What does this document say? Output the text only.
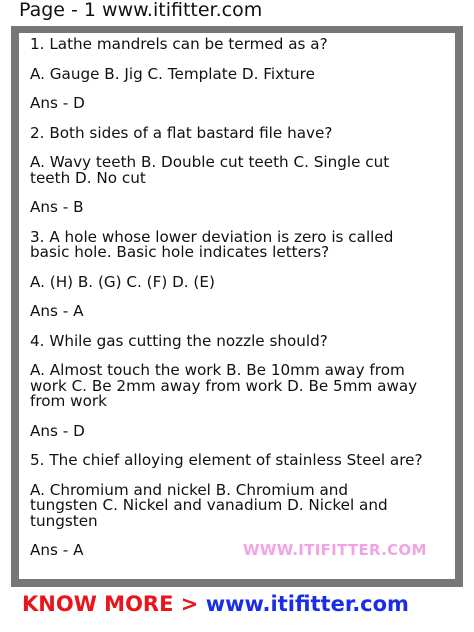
Page - 1 www.itifitter.com

1. Lathe mandrels can be termed as a?

A. Gauge B. Jig C. Template D. Fixture

Ans - D

2. Both sides of a flat bastard file have?

A. Wavy teeth B. Double cut teeth C. Single cut

teeth D. No cut

Ans - B

3. A hole whose lower deviation is zero is called

basic hole. Basic hole indicates letters?

A. (H) B. (G) C. (F) D. (E)

Ans - A

4. While gas cutting the nozzle should?

A. Almost touch the work B. Be 10mm away from

work C. Be 2mm away from work D. Be 5mm away

from work

Ans - D

5. The chief alloying element of stainless Steel are?

A. Chromium and nickel B. Chromium and

tungsten C. Nickel and vanadium D. Nickel and

tungsten

Ans - A	WWW.ITIFITTER.COM
KNOW MORE > www.itifitter.com
